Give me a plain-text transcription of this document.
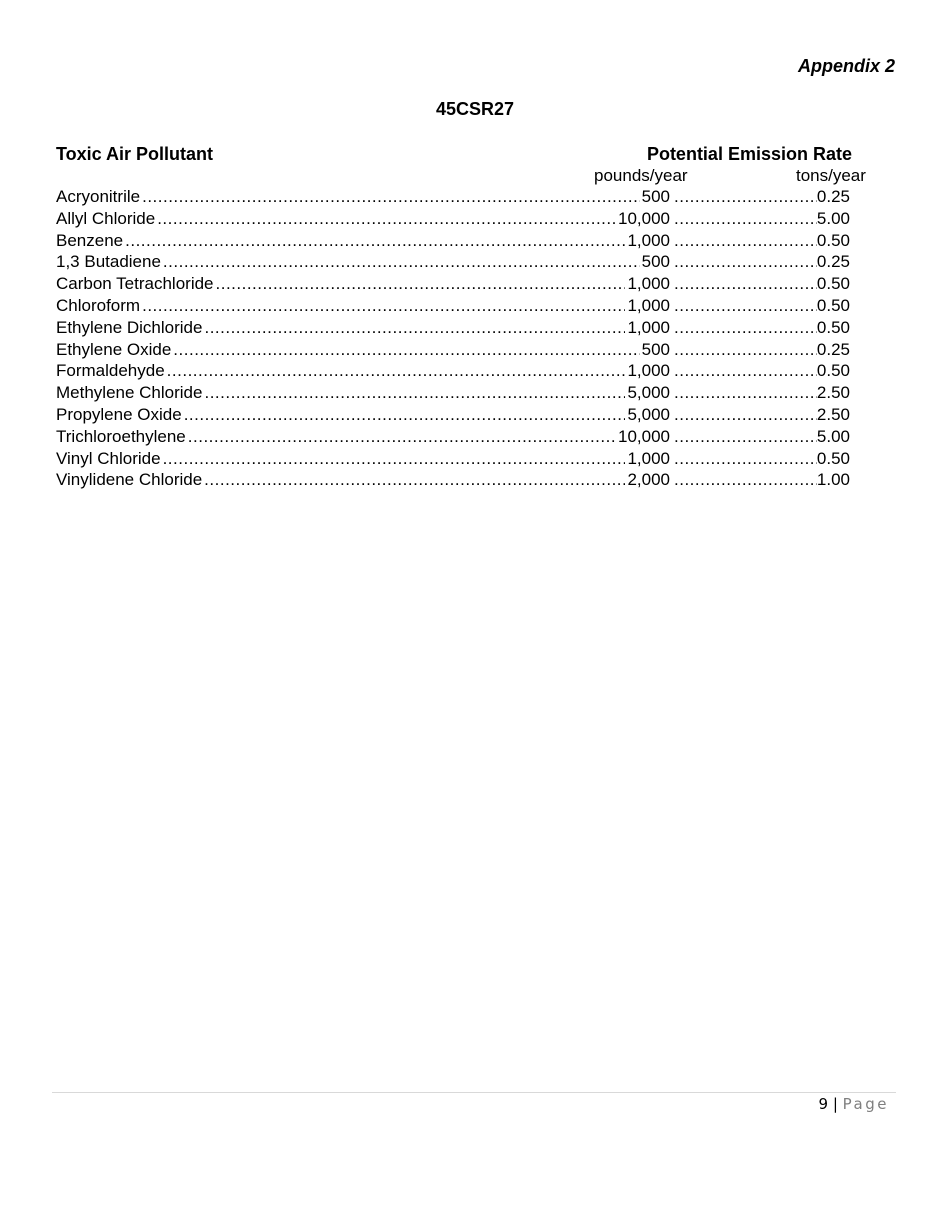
Appendix 2
45CSR27
Toxic Air Pollutant	Potential Emission Rate
pounds/year	tons/year
Acryonitrile .....	500 .....	0.25
Allyl Chloride .....	10,000 .....	5.00
Benzene .....	1,000 .....	0.50
1,3 Butadiene .....	500 .....	0.25
Carbon Tetrachloride .....	1,000 .....	0.50
Chloroform .....	1,000 .....	0.50
Ethylene Dichloride .....	1,000 .....	0.50
Ethylene Oxide .....	500 .....	0.25
Formaldehyde .....	1,000 .....	0.50
Methylene Chloride .....	5,000 .....	2.50
Propylene Oxide .....	5,000 .....	2.50
Trichloroethylene .....	10,000 .....	5.00
Vinyl Chloride .....	1,000 .....	0.50
Vinylidene Chloride .....	2,000 .....	1.00
9 | Page
